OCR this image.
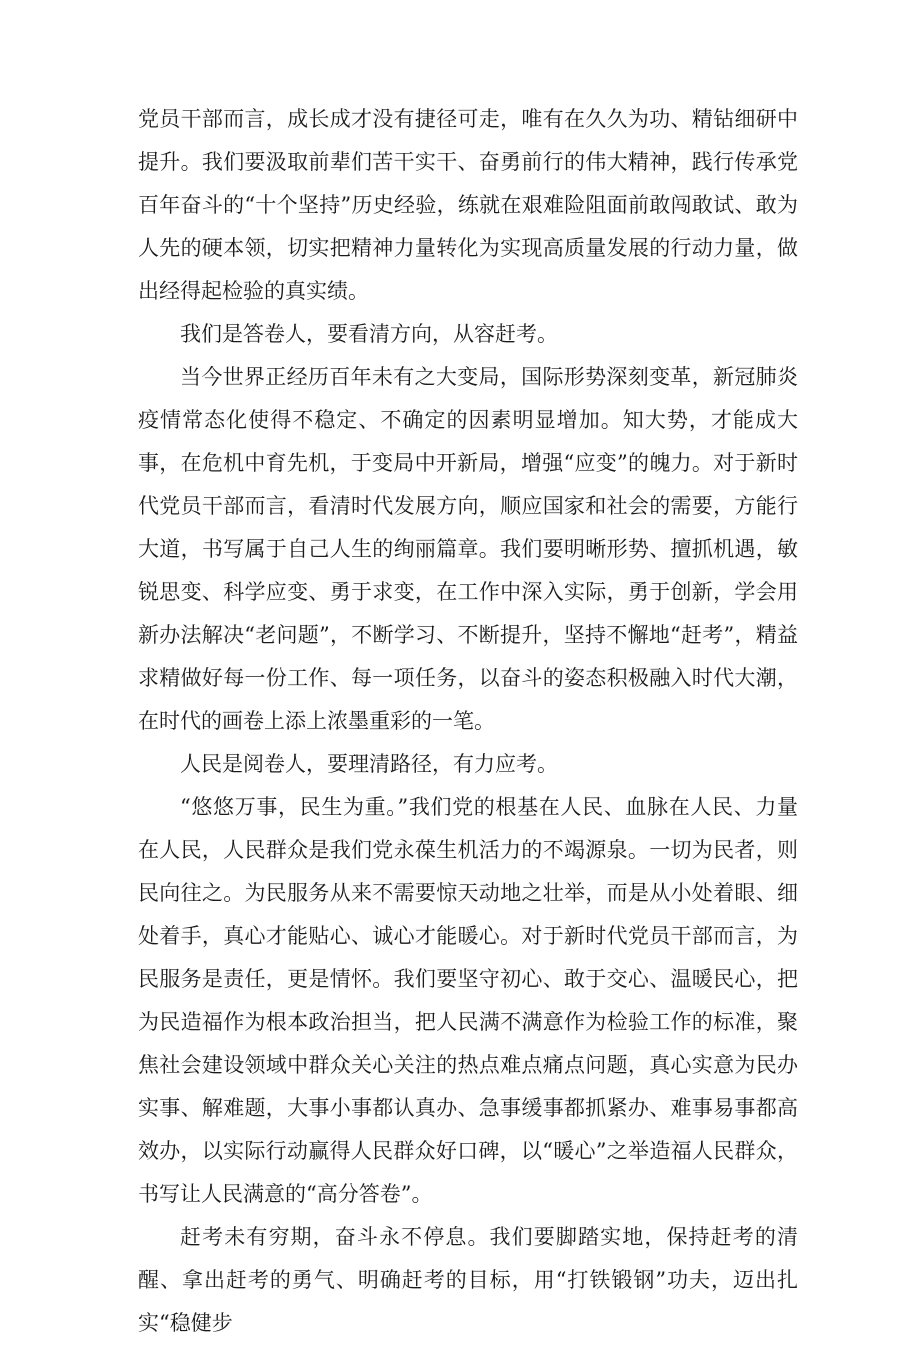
党员干部而言，成长成才没有捷径可走，唯有在久久为功、精钻细研中提升。我们要汲取前辈们苦干实干、奋勇前行的伟大精神，践行传承党百年奋斗的“十个坚持”历史经验，练就在艰难险阻面前敢闯敢试、敢为人先的硬本领，切实把精神力量转化为实现高质量发展的行动力量，做出经得起检验的真实绩。

我们是答卷人，要看清方向，从容赶考。

当今世界正经历百年未有之大变局，国际形势深刻变革，新冠肺炎疫情常态化使得不稳定、不确定的因素明显增加。知大势，才能成大事，在危机中育先机，于变局中开新局，增强“应变”的魄力。对于新时代党员干部而言，看清时代发展方向，顺应国家和社会的需要，方能行大道，书写属于自己人生的绚丽篇章。我们要明晰形势、擅抓机遇，敏锐思变、科学应变、勇于求变，在工作中深入实际，勇于创新，学会用新办法解决“老问题”，不断学习、不断提升，坚持不懈地“赶考”，精益求精做好每一份工作、每一项任务，以奋斗的姿态积极融入时代大潮，在时代的画卷上添上浓墨重彩的一笔。

人民是阅卷人，要理清路径，有力应考。

“悠悠万事，民生为重。”我们党的根基在人民、血脉在人民、力量在人民，人民群众是我们党永葆生机活力的不竭源泉。一切为民者，则民向往之。为民服务从来不需要惊天动地之壮举，而是从小处着眼、细处着手，真心才能贴心、诚心才能暖心。对于新时代党员干部而言，为民服务是责任，更是情怀。我们要坚守初心、敢于交心、温暖民心，把为民造福作为根本政治担当，把人民满不满意作为检验工作的标准，聚焦社会建设领域中群众关心关注的热点难点痛点问题，真心实意为民办实事、解难题，大事小事都认真办、急事缓事都抓紧办、难事易事都高效办，以实际行动赢得人民群众好口碑，以“暖心”之举造福人民群众，书写让人民满意的“高分答卷”。

赶考未有穷期，奋斗永不停息。我们要脚踏实地，保持赶考的清醒、拿出赶考的勇气、明确赶考的目标，用“打铁锻钢”功夫，迈出扎实“稳健步
